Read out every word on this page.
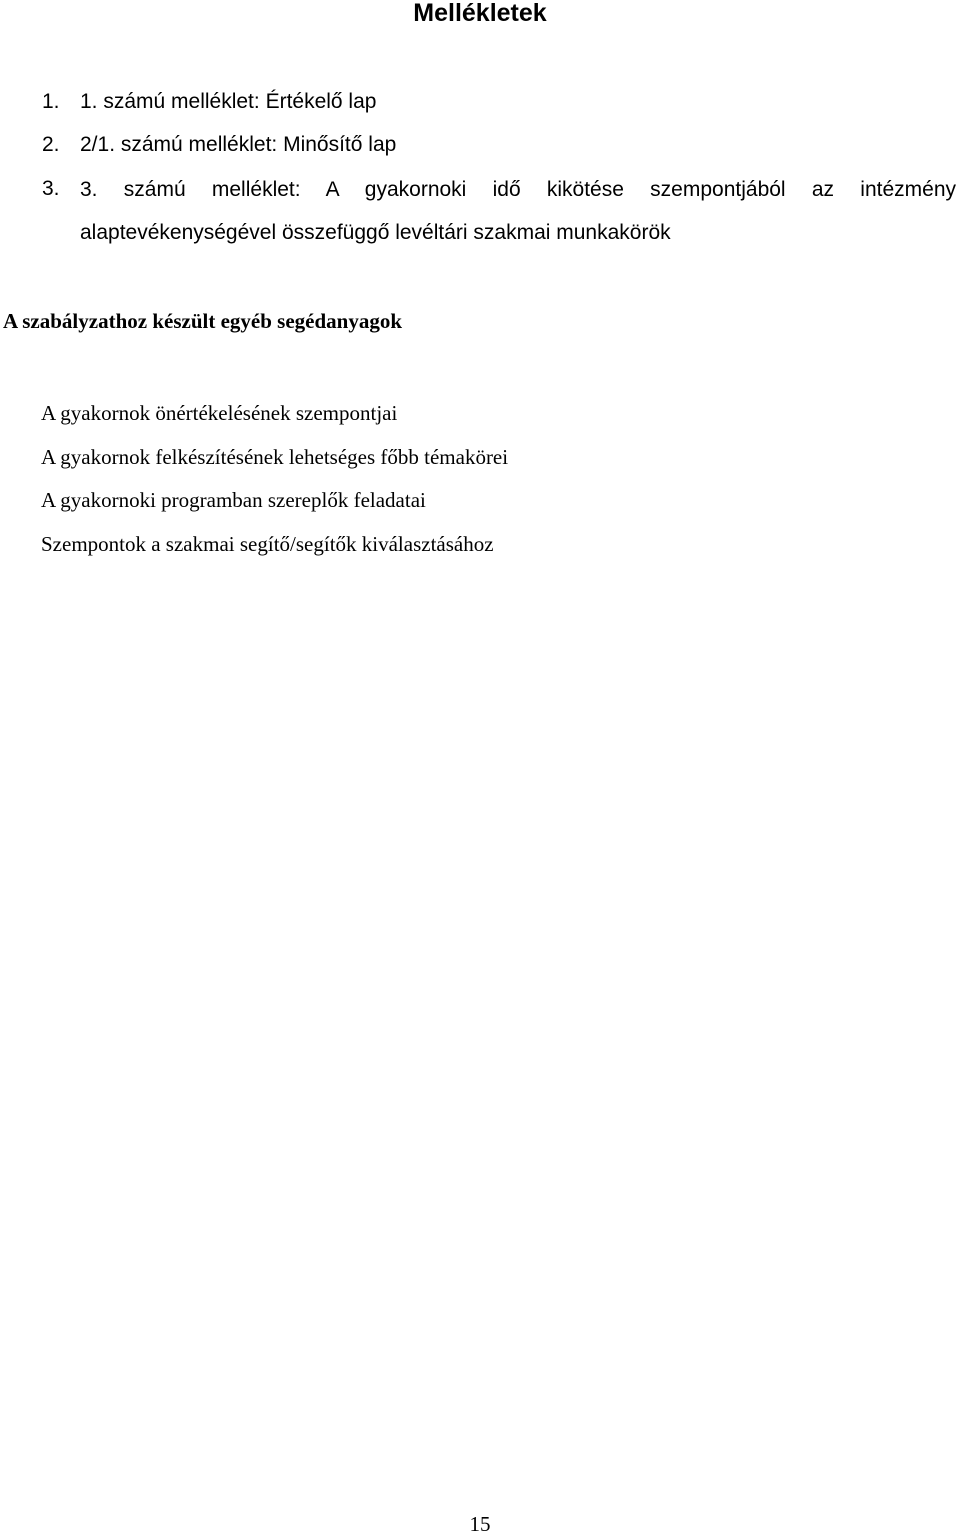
Mellékletek
1. 1. számú melléklet: Értékelő lap
2. 2/1. számú melléklet: Minősítő lap
3. 3. számú melléklet: A gyakornoki idő kikötése szempontjából az intézmény alaptevékenységével összefüggő levéltári szakmai munkakörök
A szabályzathoz készült egyéb segédanyagok
A gyakornok önértékelésének szempontjai
A gyakornok felkészítésének lehetséges főbb témakörei
A gyakornoki programban szereplők feladatai
Szempontok a szakmai segítő/segítők kiválasztásához
15
